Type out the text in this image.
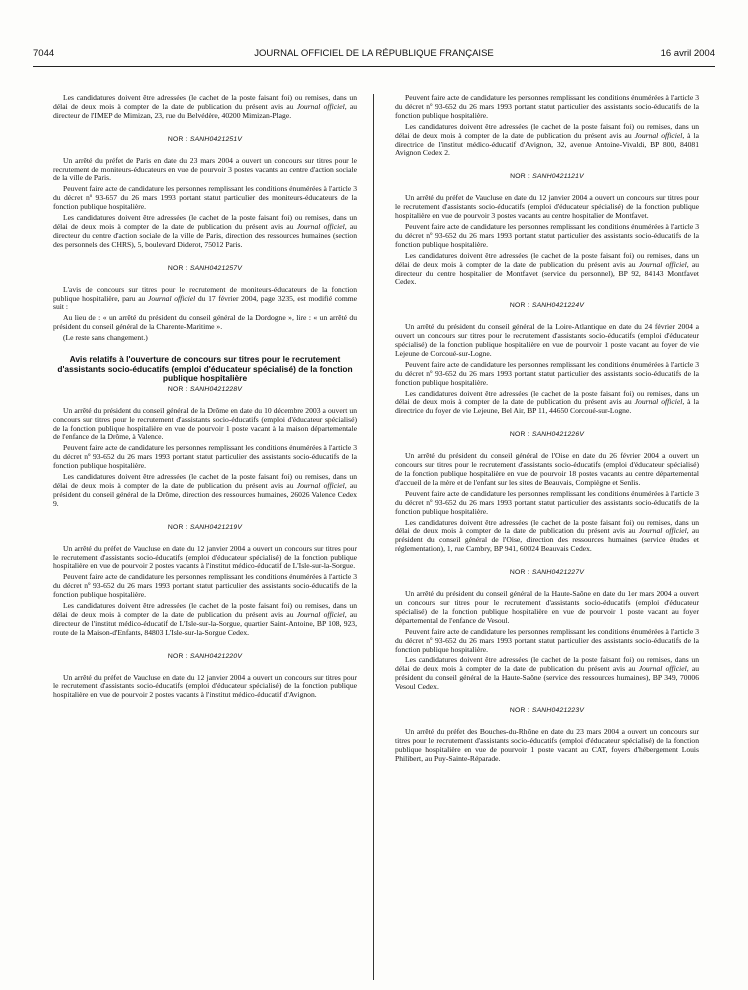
7044	JOURNAL OFFICIEL DE LA RÉPUBLIQUE FRANÇAISE	16 avril 2004

Les candidatures doivent être adressées (le cachet de la poste faisant foi) ou remises, dans un délai de deux mois à compter de la date de publication du présent avis au Journal officiel, au directeur de l'IMEP de Mimizan, 23, rue du Belvédère, 40200 Mimizan-Plage.

NOR : SANH0421251V

Un arrêté du préfet de Paris en date du 23 mars 2004 a ouvert un concours sur titres pour le recrutement de moniteurs-éducateurs en vue de pourvoir 3 postes vacants au centre d'action sociale de la ville de Paris.

Peuvent faire acte de candidature les personnes remplissant les conditions énumérées à l'article 3 du décret nº 93-657 du 26 mars 1993 portant statut particulier des moniteurs-éducateurs de la fonction publique hospitalière.

Les candidatures doivent être adressées (le cachet de la poste faisant foi) ou remises, dans un délai de deux mois à compter de la date de publication du présent avis au Journal officiel, au directeur du centre d'action sociale de la ville de Paris, direction des ressources humaines (section des personnels des CHRS), 5, boulevard Diderot, 75012 Paris.

NOR : SANH0421257V

L'avis de concours sur titres pour le recrutement de moniteurs-éducateurs de la fonction publique hospitalière, paru au Journal officiel du 17 février 2004, page 3235, est modifié comme suit :

Au lieu de : « un arrêté du président du conseil général de la Dordogne », lire : « un arrêté du président du conseil général de la Charente-Maritime ».

(Le reste sans changement.)

Avis relatifs à l'ouverture de concours sur titres pour le recrutement d'assistants socio-éducatifs (emploi d'éducateur spécialisé) de la fonction publique hospitalière
NOR : SANH0421228V

Un arrêté du président du conseil général de la Drôme en date du 10 décembre 2003 a ouvert un concours sur titres pour le recrutement d'assistants socio-éducatifs (emploi d'éducateur spécialisé) de la fonction publique hospitalière en vue de pourvoir 1 poste vacant à la maison départementale de l'enfance de la Drôme, à Valence.

Peuvent faire acte de candidature les personnes remplissant les conditions énumérées à l'article 3 du décret nº 93-652 du 26 mars 1993 portant statut particulier des assistants socio-éducatifs de la fonction publique hospitalière.

Les candidatures doivent être adressées (le cachet de la poste faisant foi) ou remises, dans un délai de deux mois à compter de la date de publication du présent avis au Journal officiel, au président du conseil général de la Drôme, direction des ressources humaines, 26026 Valence Cedex 9.

NOR : SANH0421219V

Un arrêté du préfet de Vaucluse en date du 12 janvier 2004 a ouvert un concours sur titres pour le recrutement d'assistants socio-éducatifs (emploi d'éducateur spécialisé) de la fonction publique hospitalière en vue de pourvoir 2 postes vacants à l'institut médico-éducatif de L'Isle-sur-la-Sorgue.

Peuvent faire acte de candidature les personnes remplissant les conditions énumérées à l'article 3 du décret nº 93-652 du 26 mars 1993 portant statut particulier des assistants socio-éducatifs de la fonction publique hospitalière.

Les candidatures doivent être adressées (le cachet de la poste faisant foi) ou remises, dans un délai de deux mois à compter de la date de publication du présent avis au Journal officiel, au directeur de l'institut médico-éducatif de L'Isle-sur-la-Sorgue, quartier Saint-Antoine, BP 108, 923, route de la Maison-d'Enfants, 84803 L'Isle-sur-la-Sorgue Cedex.

NOR : SANH0421220V

Un arrêté du préfet de Vaucluse en date du 12 janvier 2004 a ouvert un concours sur titres pour le recrutement d'assistants socio-éducatifs (emploi d'éducateur spécialisé) de la fonction publique hospitalière en vue de pourvoir 2 postes vacants à l'institut médico-éducatif d'Avignon.

Peuvent faire acte de candidature les personnes remplissant les conditions énumérées à l'article 3 du décret nº 93-652 du 26 mars 1993 portant statut particulier des assistants socio-éducatifs de la fonction publique hospitalière.

Les candidatures doivent être adressées (le cachet de la poste faisant foi) ou remises, dans un délai de deux mois à compter de la date de publication du présent avis au Journal officiel, à la directrice de l'institut médico-éducatif d'Avignon, 32, avenue Antoine-Vivaldi, BP 800, 84081 Avignon Cedex 2.

NOR : SANH0421121V

Un arrêté du préfet de Vaucluse en date du 12 janvier 2004 a ouvert un concours sur titres pour le recrutement d'assistants socio-éducatifs (emploi d'éducateur spécialisé) de la fonction publique hospitalière en vue de pourvoir 3 postes vacants au centre hospitalier de Montfavet.

Peuvent faire acte de candidature les personnes remplissant les conditions énumérées à l'article 3 du décret nº 93-652 du 26 mars 1993 portant statut particulier des assistants socio-éducatifs de la fonction publique hospitalière.

Les candidatures doivent être adressées (le cachet de la poste faisant foi) ou remises, dans un délai de deux mois à compter de la date de publication du présent avis au Journal officiel, au directeur du centre hospitalier de Montfavet (service du personnel), BP 92, 84143 Montfavet Cedex.

NOR : SANH0421224V

Un arrêté du président du conseil général de la Loire-Atlantique en date du 24 février 2004 a ouvert un concours sur titres pour le recrutement d'assistants socio-éducatifs (emploi d'éducateur spécialisé) de la fonction publique hospitalière en vue de pourvoir 1 poste vacant au foyer de vie Lejeune de Corcoué-sur-Logne.

Peuvent faire acte de candidature les personnes remplissant les conditions énumérées à l'article 3 du décret nº 93-652 du 26 mars 1993 portant statut particulier des assistants socio-éducatifs de la fonction publique hospitalière.

Les candidatures doivent être adressées (le cachet de la poste faisant foi) ou remises, dans un délai de deux mois à compter de la date de publication du présent avis au Journal officiel, à la directrice du foyer de vie Lejeune, Bel Air, BP 11, 44650 Corcoué-sur-Logne.

NOR : SANH0421226V

Un arrêté du président du conseil général de l'Oise en date du 26 février 2004 a ouvert un concours sur titres pour le recrutement d'assistants socio-éducatifs (emploi d'éducateur spécialisé) de la fonction publique hospitalière en vue de pourvoir 18 postes vacants au centre départemental d'accueil de la mère et de l'enfant sur les sites de Beauvais, Compiègne et Senlis.

Peuvent faire acte de candidature les personnes remplissant les conditions énumérées à l'article 3 du décret nº 93-652 du 26 mars 1993 portant statut particulier des assistants socio-éducatifs de la fonction publique hospitalière.

Les candidatures doivent être adressées (le cachet de la poste faisant foi) ou remises, dans un délai de deux mois à compter de la date de publication du présent avis au Journal officiel, au président du conseil général de l'Oise, direction des ressources humaines (service études et réglementation), 1, rue Cambry, BP 941, 60024 Beauvais Cedex.

NOR : SANH0421227V

Un arrêté du président du conseil général de la Haute-Saône en date du 1er mars 2004 a ouvert un concours sur titres pour le recrutement d'assistants socio-éducatifs (emploi d'éducateur spécialisé) de la fonction publique hospitalière en vue de pourvoir 1 poste vacant au foyer départemental de l'enfance de Vesoul.

Peuvent faire acte de candidature les personnes remplissant les conditions énumérées à l'article 3 du décret nº 93-652 du 26 mars 1993 portant statut particulier des assistants socio-éducatifs de la fonction publique hospitalière.

Les candidatures doivent être adressées (le cachet de la poste faisant foi) ou remises, dans un délai de deux mois à compter de la date de publication du présent avis au Journal officiel, au président du conseil général de la Haute-Saône (service des ressources humaines), BP 349, 70006 Vesoul Cedex.

NOR : SANH0421223V

Un arrêté du préfet des Bouches-du-Rhône en date du 23 mars 2004 a ouvert un concours sur titres pour le recrutement d'assistants socio-éducatifs (emploi d'éducateur spécialisé) de la fonction publique hospitalière en vue de pourvoir 1 poste vacant au CAT, foyers d'hébergement Louis Philibert, au Puy-Sainte-Réparade.
